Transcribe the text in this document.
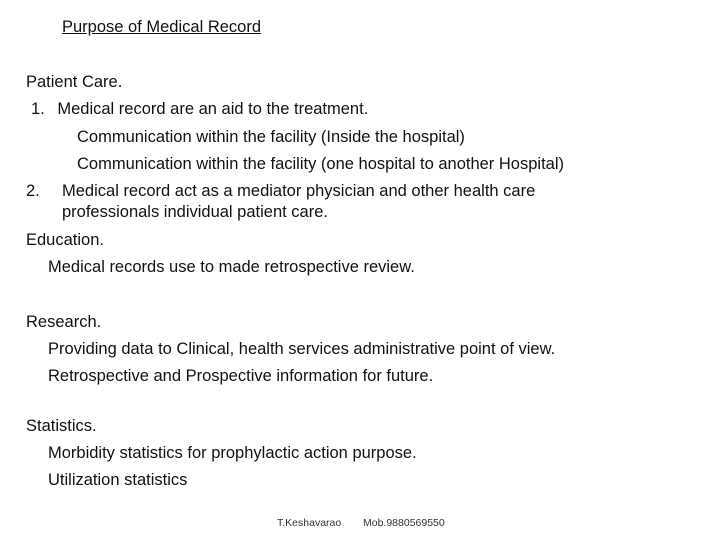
Purpose of Medical Record
Patient Care.
1. Medical record are an aid to the treatment.
Communication within the facility (Inside the hospital)
Communication within the facility (one hospital to another Hospital)
2. Medical record act as a mediator physician and other health care
professionals individual patient care.
Education.
Medical records use to made retrospective review.
Research.
Providing data to Clinical, health services administrative point of view.
Retrospective and Prospective information for future.
Statistics.
Morbidity statistics for prophylactic action purpose.
Utilization statistics
T.Keshavarao Mob.9880569550
